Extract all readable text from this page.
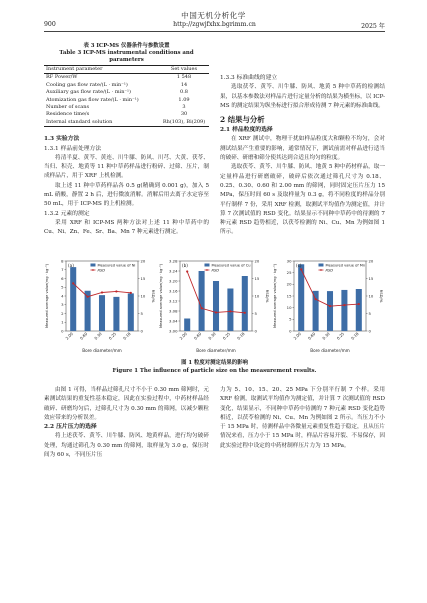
中国无机分析化学
http://zgwjfxhx.bgrimm.cn
900	2025 年
表 3 ICP-MS 仪器条件与参数设置
Table 3 ICP-MS instrumental conditions and parameters
Instrument parameter	Set values
RF Power/W	1 548
Cooling gas flow rate/(L · min⁻¹)	14
Auxiliary gas flow rate/(L · min⁻¹)	0.8
Atomization gas flow rate/(L · min⁻¹)	1.09
Number of scans	3
Residence time/s	30
Internal standard solution	Rh(103), Bi(209)
1.3 实验方法
1.3.1 样品前处理方法
将清半夏、黄芩、黄连、川牛膝、防风、川芎、大黄、茯苓、当归、积壳、地黄等 11 种中草药样品进行粉碎、过筛、压片，制成样品片，用于 XRF 上机检测。
取上述 11 种中草药样品各 0.5 g(精确到 0.001 g)，加入 5 mL 硝酸，静置 2 h 后，进行微波消解。消解后用去离子水定容至 50 mL，用于 ICP-MS 的上机检测。
1.3.2 元素的测定
采用 XRF 和 ICP-MS 两种方法对上述 11 种中草药中的 Cu、Ni、Zn、Fe、Sr、Ba、Mn 7 种元素进行测定。
1.3.3 标准曲线的建立
选取茯苓、黄芩、川牛膝、防风、地黄 5 种中草药的检测结果，以基本参数法对样品片进行定量分析的结果为横坐标，以 ICP-MS 的测定结果为纵坐标进行拟合形成待测 7 种元素的标准曲线。
2 结果与分析
2.1 样品粒度的选择
在 XRF 测试中，物理干扰如样品粒度大和颗粒不均匀，会对测试结果产生重要的影响，通常情况下，测试前需对样品进行适当的破碎、研磨和筛分使其达到合适且均匀的粒度。
选取茯苓、黄芩、川牛膝、防风、地黄 5 种中药材样品，取一定量样品进行研磨破碎，破碎后依次通过筛孔尺寸为 0.18、0.25、0.30、0.60 和 2.00 mm 的筛网，同时固定压片压力 15 MPa，保压时间 60 s 及取样量为 0.3 g，将不同粒度的样品分别平行制样 7 份，采用 XRF 检测，取测试平均值作为测定值，并计算 7 次测试值的 RSD 变化。结果显示不同种中草药中的待测的 7 种元素 RSD 趋势相近，以茯苓检测的 Ni、Cu、Mn 为例如图 1 所示。
0
1
2
3
4
5
6
7
8
0
5
10
15
20
2.00 0.60 0.30 0.25 0.18
Bore diameter/mm
Measured average value(mg · kg⁻¹)	RSD/%
Measured value of Ni
RSD
(a)
3.00
3.04
3.08
3.12
3.16
3.20
3.24
3.28
0
5
10
15
20
2.00 0.60 0.30 0.25 0.18
Bore diameter/mm
Measured average value(mg · kg⁻¹)	RSD/%
Measured value of Cu
RSD
(b)
0
5
10
15
20
25
30
0
5
10
15
20
2.00 0.60 0.30 0.25 0.18
Bore diameter/mm
Measured average value(mg · kg⁻¹)	RSD/%
Measured value of Mn
RSD
(c)
图 1 粒度对测定结果的影响
Figure 1 The influence of particle size on the measurement results.
由图 1 可得，当样品过筛孔尺寸不小于 0.30 mm 筛网时，元素测试结果的重复性基本稳定，因此在实验过程中，中药材样品经破碎、研磨均匀后，过筛孔尺寸为 0.30 mm 的筛网，以减少颗粒效应带来的分析误差。
2.2 压片压力的选择
将上述茯苓、黄芩、川牛膝、防风、地黄样品，进行均匀破碎处理，均通过筛孔为 0.30 mm 的筛网，取样量为 3.0 g，保压时间为 60 s，不同压片压
力为 5、10、15、20、25 MPa 下分别平行制 7 个样。采用 XRF 检测，取测试平均值作为测定值，并计算 7 次测试值的 RSD 变化，结果显示，不同种中草药中待测的 7 种元素 RSD 变化趋势相近，以茯苓检测的 Ni、Cu、Mn 为例如图 2 所示。当压力不小于 15 MPa 时，待测样品中各微量元素重复性趋于稳定，且从压片情况来看，压力小于 15 MPa 时，样品片容易开裂、不易保存，因此实验过程中设定的中药材制样压片力为 15 MPa。
